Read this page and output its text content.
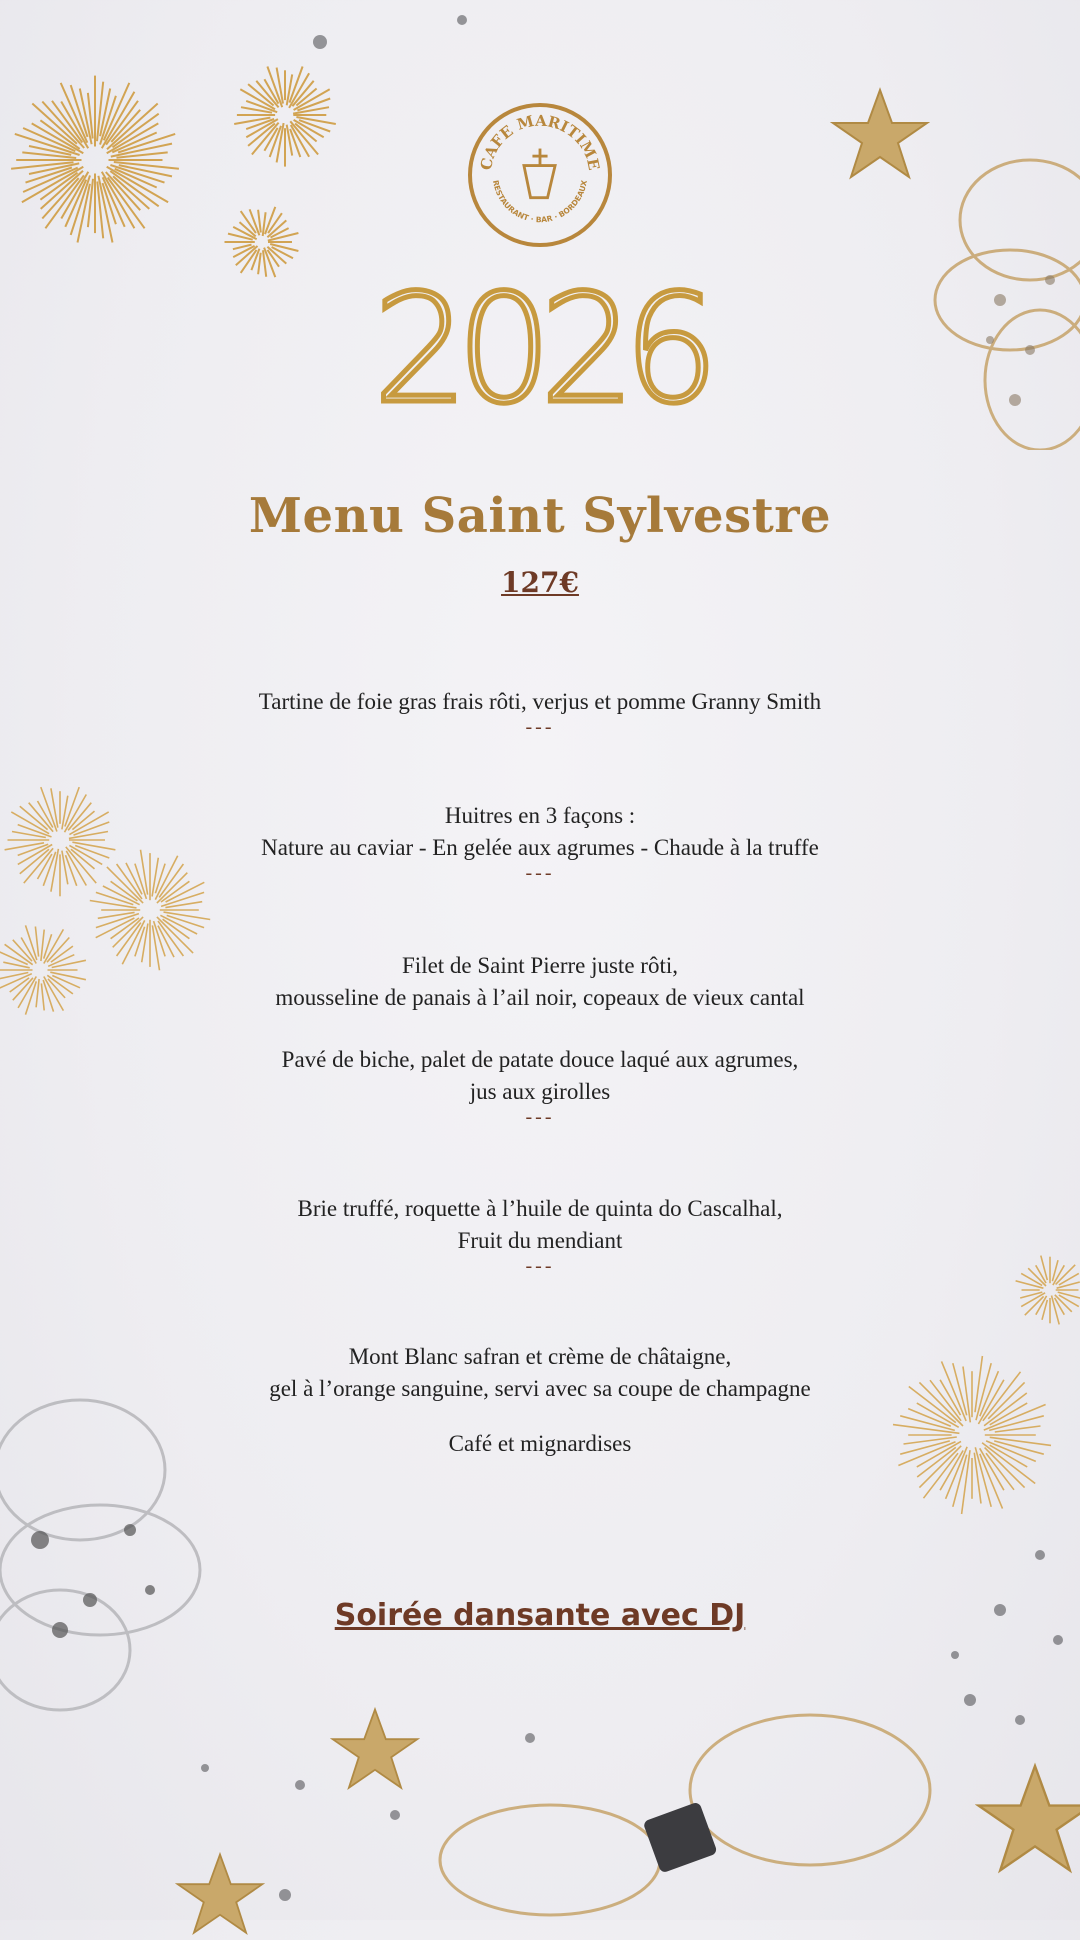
CAFE MARITIME
RESTAURANT · BAR · BORDEAUX
2026
Menu Saint Sylvestre
127€
Tartine de foie gras frais rôti, verjus et pomme Granny Smith
---
Huitres en 3 façons :
Nature au caviar - En gelée aux agrumes - Chaude à la truffe
---
Filet de Saint Pierre juste rôti,
mousseline de panais à l’ail noir, copeaux de vieux cantal
Pavé de biche, palet de patate douce laqué aux agrumes,
jus aux girolles
---
Brie truffé, roquette à l’huile de quinta do Cascalhal,
Fruit du mendiant
---
Mont Blanc safran et crème de châtaigne,
gel à l’orange sanguine, servi avec sa coupe de champagne
Café et mignardises
Soirée dansante avec DJ
